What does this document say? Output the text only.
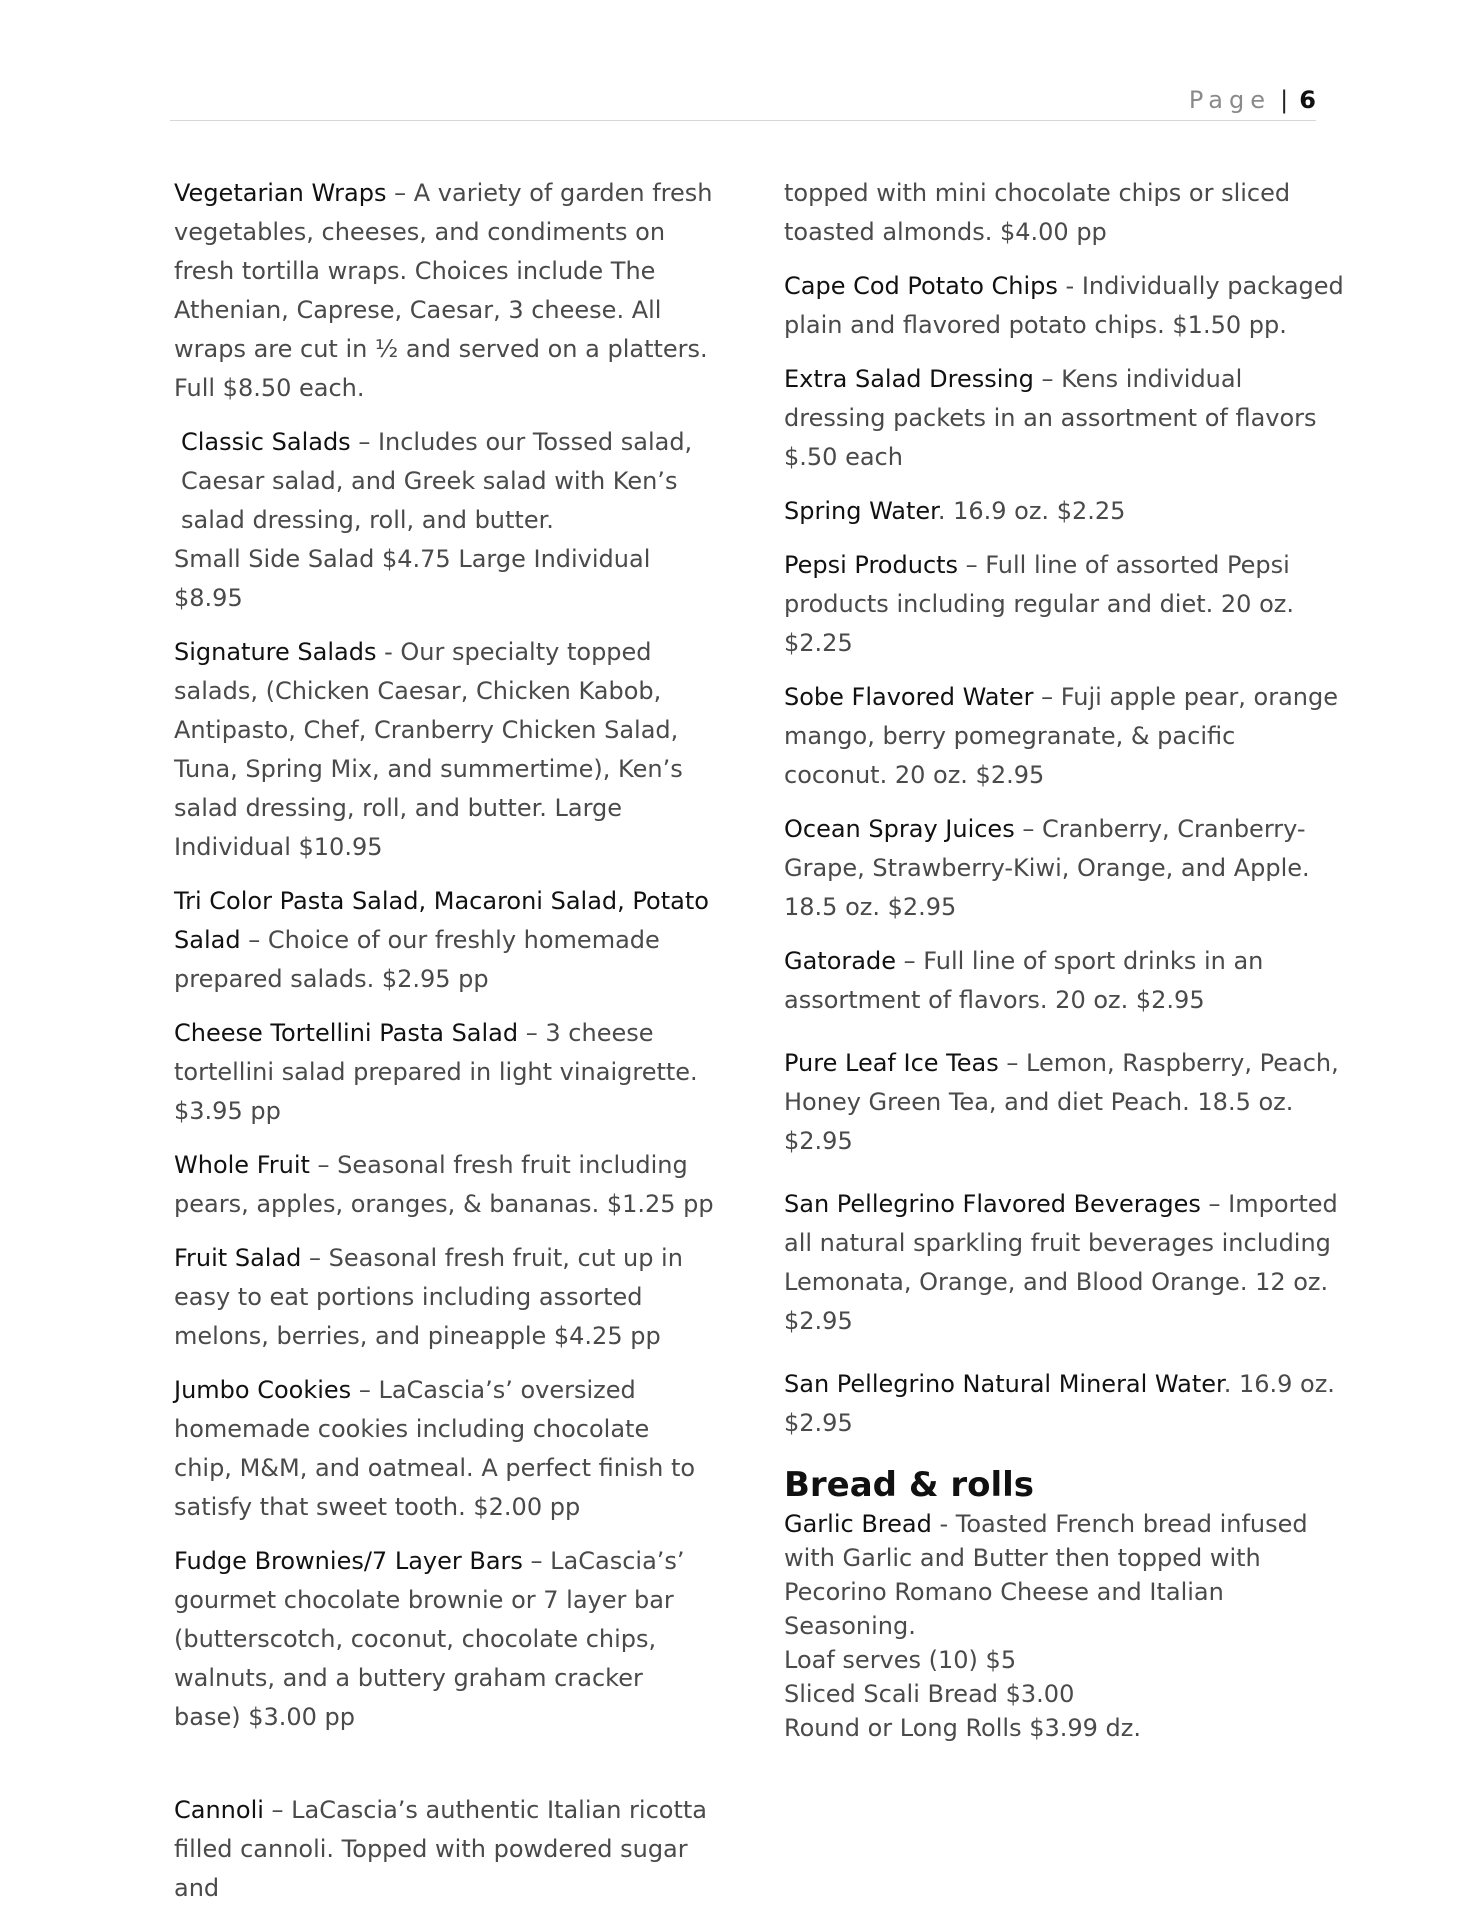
Page | 6

Vegetarian Wraps – A variety of garden fresh vegetables, cheeses, and condiments on fresh tortilla wraps. Choices include The Athenian, Caprese, Caesar, 3 cheese. All wraps are cut in ½ and served on a platters. Full $8.50 each.

Classic Salads – Includes our Tossed salad, Caesar salad, and Greek salad with Ken’s salad dressing, roll, and butter.

Small Side Salad $4.75 Large Individual $8.95

Signature Salads - Our specialty topped salads, (Chicken Caesar, Chicken Kabob, Antipasto, Chef, Cranberry Chicken Salad, Tuna, Spring Mix, and summertime), Ken’s salad dressing, roll, and butter. Large Individual $10.95

Tri Color Pasta Salad, Macaroni Salad, Potato Salad – Choice of our freshly homemade prepared salads. $2.95 pp

Cheese Tortellini Pasta Salad – 3 cheese tortellini salad prepared in light vinaigrette. $3.95 pp

Whole Fruit – Seasonal fresh fruit including pears, apples, oranges, & bananas. $1.25 pp

Fruit Salad – Seasonal fresh fruit, cut up in easy to eat portions including assorted melons, berries, and pineapple $4.25 pp

Jumbo Cookies – LaCascia’s’ oversized homemade cookies including chocolate chip, M&M, and oatmeal. A perfect finish to satisfy that sweet tooth. $2.00 pp

Fudge Brownies/7 Layer Bars – LaCascia’s’ gourmet chocolate brownie or 7 layer bar (butterscotch, coconut, chocolate chips, walnuts, and a buttery graham cracker base) $3.00 pp

Cannoli – LaCascia’s authentic Italian ricotta filled cannoli. Topped with powdered sugar and

topped with mini chocolate chips or sliced toasted almonds. $4.00 pp

Cape Cod Potato Chips - Individually packaged plain and flavored potato chips. $1.50 pp.

Extra Salad Dressing – Kens individual dressing packets in an assortment of flavors $.50 each

Spring Water. 16.9 oz. $2.25

Pepsi Products – Full line of assorted Pepsi products including regular and diet. 20 oz. $2.25

Sobe Flavored Water – Fuji apple pear, orange mango, berry pomegranate, & pacific coconut. 20 oz. $2.95

Ocean Spray Juices – Cranberry, Cranberry-Grape, Strawberry-Kiwi, Orange, and Apple. 18.5 oz. $2.95

Gatorade – Full line of sport drinks in an assortment of flavors. 20 oz. $2.95

Pure Leaf Ice Teas – Lemon, Raspberry, Peach, Honey Green Tea, and diet Peach. 18.5 oz. $2.95

San Pellegrino Flavored Beverages – Imported all natural sparkling fruit beverages including Lemonata, Orange, and Blood Orange. 12 oz. $2.95

San Pellegrino Natural Mineral Water. 16.9 oz. $2.95

Bread & rolls

Garlic Bread - Toasted French bread infused with Garlic and Butter then topped with Pecorino Romano Cheese and Italian Seasoning.

Loaf serves (10) $5

Sliced Scali Bread $3.00

Round or Long Rolls $3.99 dz.
